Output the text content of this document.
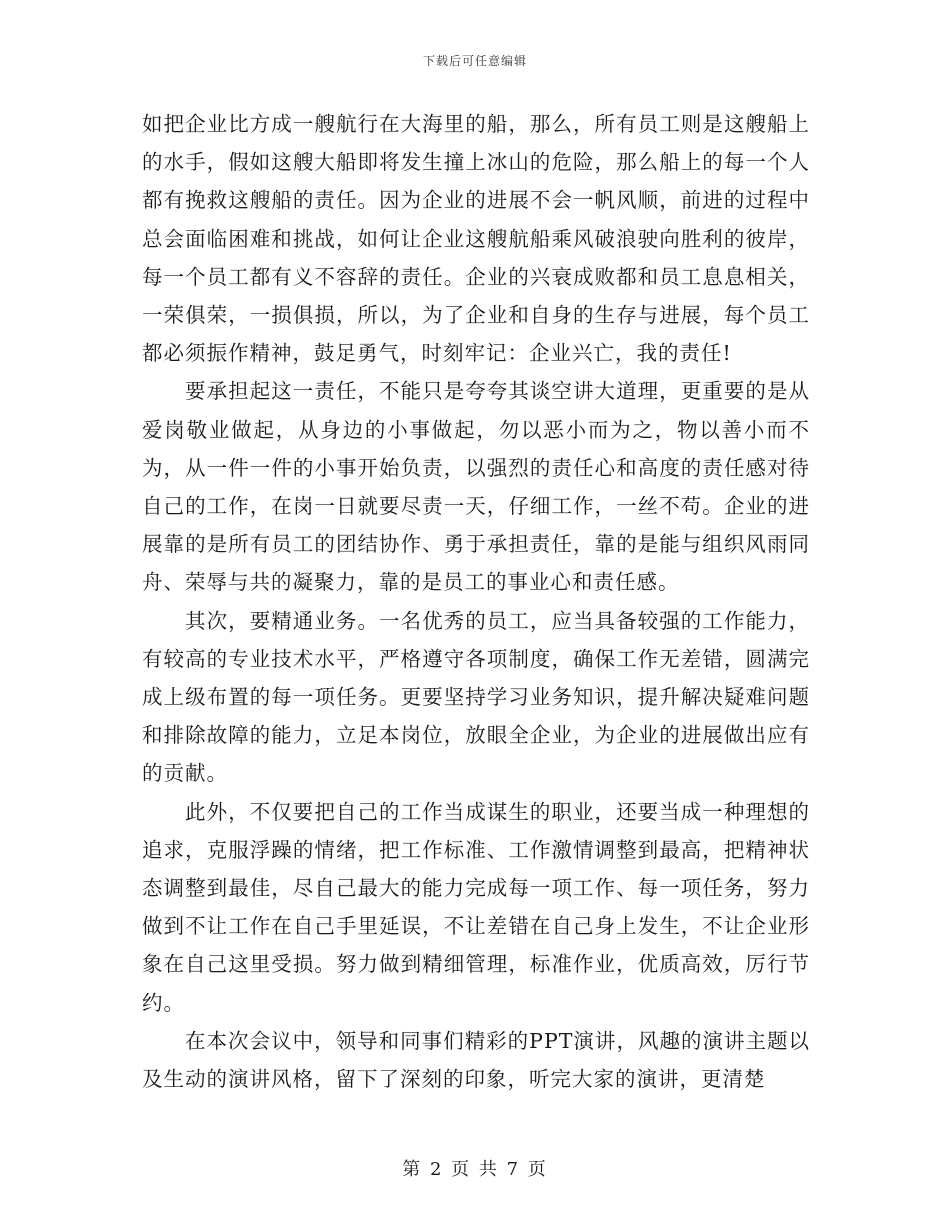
下载后可任意编辑

如把企业比方成一艘航行在大海里的船，那么，所有员工则是这艘船上的水手，假如这艘大船即将发生撞上冰山的危险，那么船上的每一个人都有挽救这艘船的责任。因为企业的进展不会一帆风顺，前进的过程中总会面临困难和挑战，如何让企业这艘航船乘风破浪驶向胜利的彼岸，每一个员工都有义不容辞的责任。企业的兴衰成败都和员工息息相关，一荣俱荣，一损俱损，所以，为了企业和自身的生存与进展，每个员工都必须振作精神，鼓足勇气，时刻牢记：企业兴亡，我的责任!

要承担起这一责任，不能只是夸夸其谈空讲大道理，更重要的是从爱岗敬业做起，从身边的小事做起，勿以恶小而为之，物以善小而不为，从一件一件的小事开始负责，以强烈的责任心和高度的责任感对待自己的工作，在岗一日就要尽责一天，仔细工作，一丝不苟。企业的进展靠的是所有员工的团结协作、勇于承担责任，靠的是能与组织风雨同舟、荣辱与共的凝聚力，靠的是员工的事业心和责任感。

其次，要精通业务。一名优秀的员工，应当具备较强的工作能力，有较高的专业技术水平，严格遵守各项制度，确保工作无差错，圆满完成上级布置的每一项任务。更要坚持学习业务知识，提升解决疑难问题和排除故障的能力，立足本岗位，放眼全企业，为企业的进展做出应有的贡献。

此外，不仅要把自己的工作当成谋生的职业，还要当成一种理想的追求，克服浮躁的情绪，把工作标准、工作激情调整到最高，把精神状态调整到最佳，尽自己最大的能力完成每一项工作、每一项任务，努力做到不让工作在自己手里延误，不让差错在自己身上发生，不让企业形象在自己这里受损。努力做到精细管理，标准作业，优质高效，厉行节约。

在本次会议中，领导和同事们精彩的PPT演讲，风趣的演讲主题以及生动的演讲风格，留下了深刻的印象，听完大家的演讲，更清楚

第 2 页 共 7 页
